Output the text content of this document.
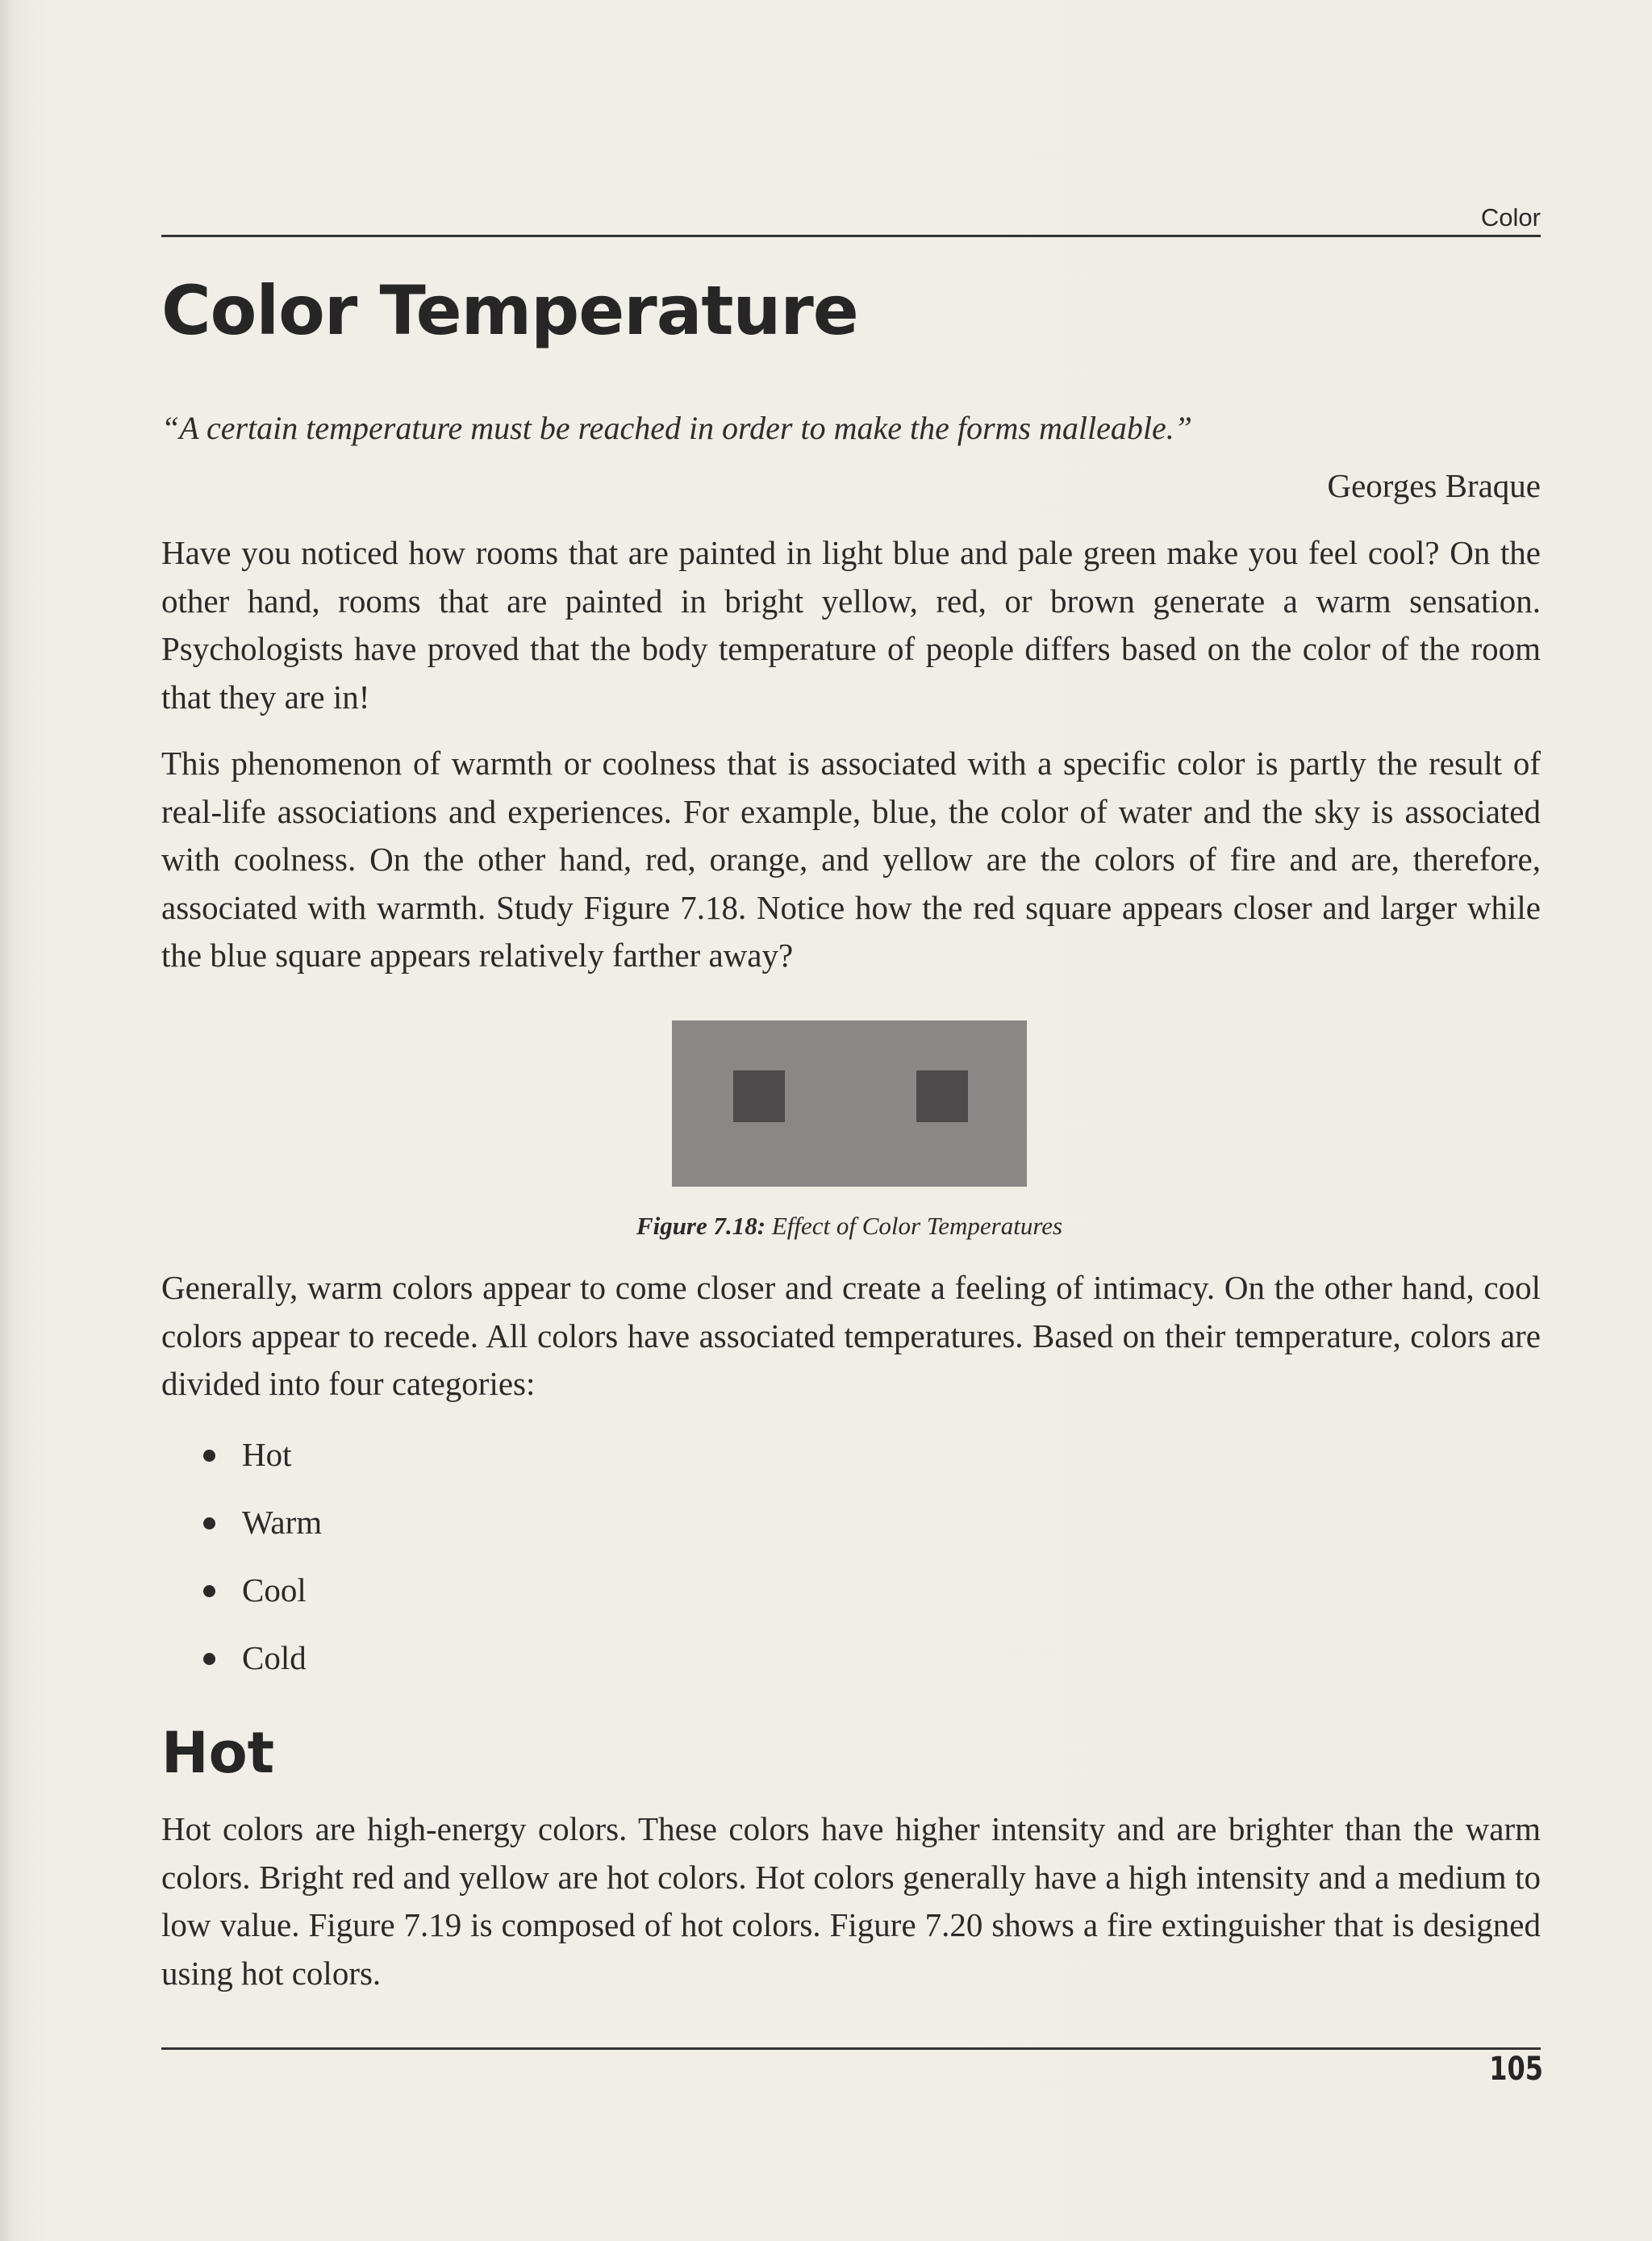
Color
Color Temperature
“A certain temperature must be reached in order to make the forms malleable.”
Georges Braque

Have you noticed how rooms that are painted in light blue and pale green make you feel cool? On the other hand, rooms that are painted in bright yellow, red, or brown generate a warm sensation. Psychologists have proved that the body temperature of people differs based on the color of the room that they are in!

This phenomenon of warmth or coolness that is associated with a specific color is partly the result of real-life associations and experiences. For example, blue, the color of water and the sky is associated with coolness. On the other hand, red, orange, and yellow are the colors of fire and are, therefore, associated with warmth. Study Figure 7.18. Notice how the red square appears closer and larger while the blue square appears relatively farther away?

Figure 7.18: Effect of Color Temperatures

Generally, warm colors appear to come closer and create a feeling of intimacy. On the other hand, cool colors appear to recede. All colors have associated temperatures. Based on their temperature, colors are divided into four categories:

Hot
Warm
Cool
Cold
Hot

Hot colors are high-energy colors. These colors have higher intensity and are brighter than the warm colors. Bright red and yellow are hot colors. Hot colors generally have a high intensity and a medium to low value. Figure 7.19 is composed of hot colors. Figure 7.20 shows a fire extinguisher that is designed using hot colors.

105
